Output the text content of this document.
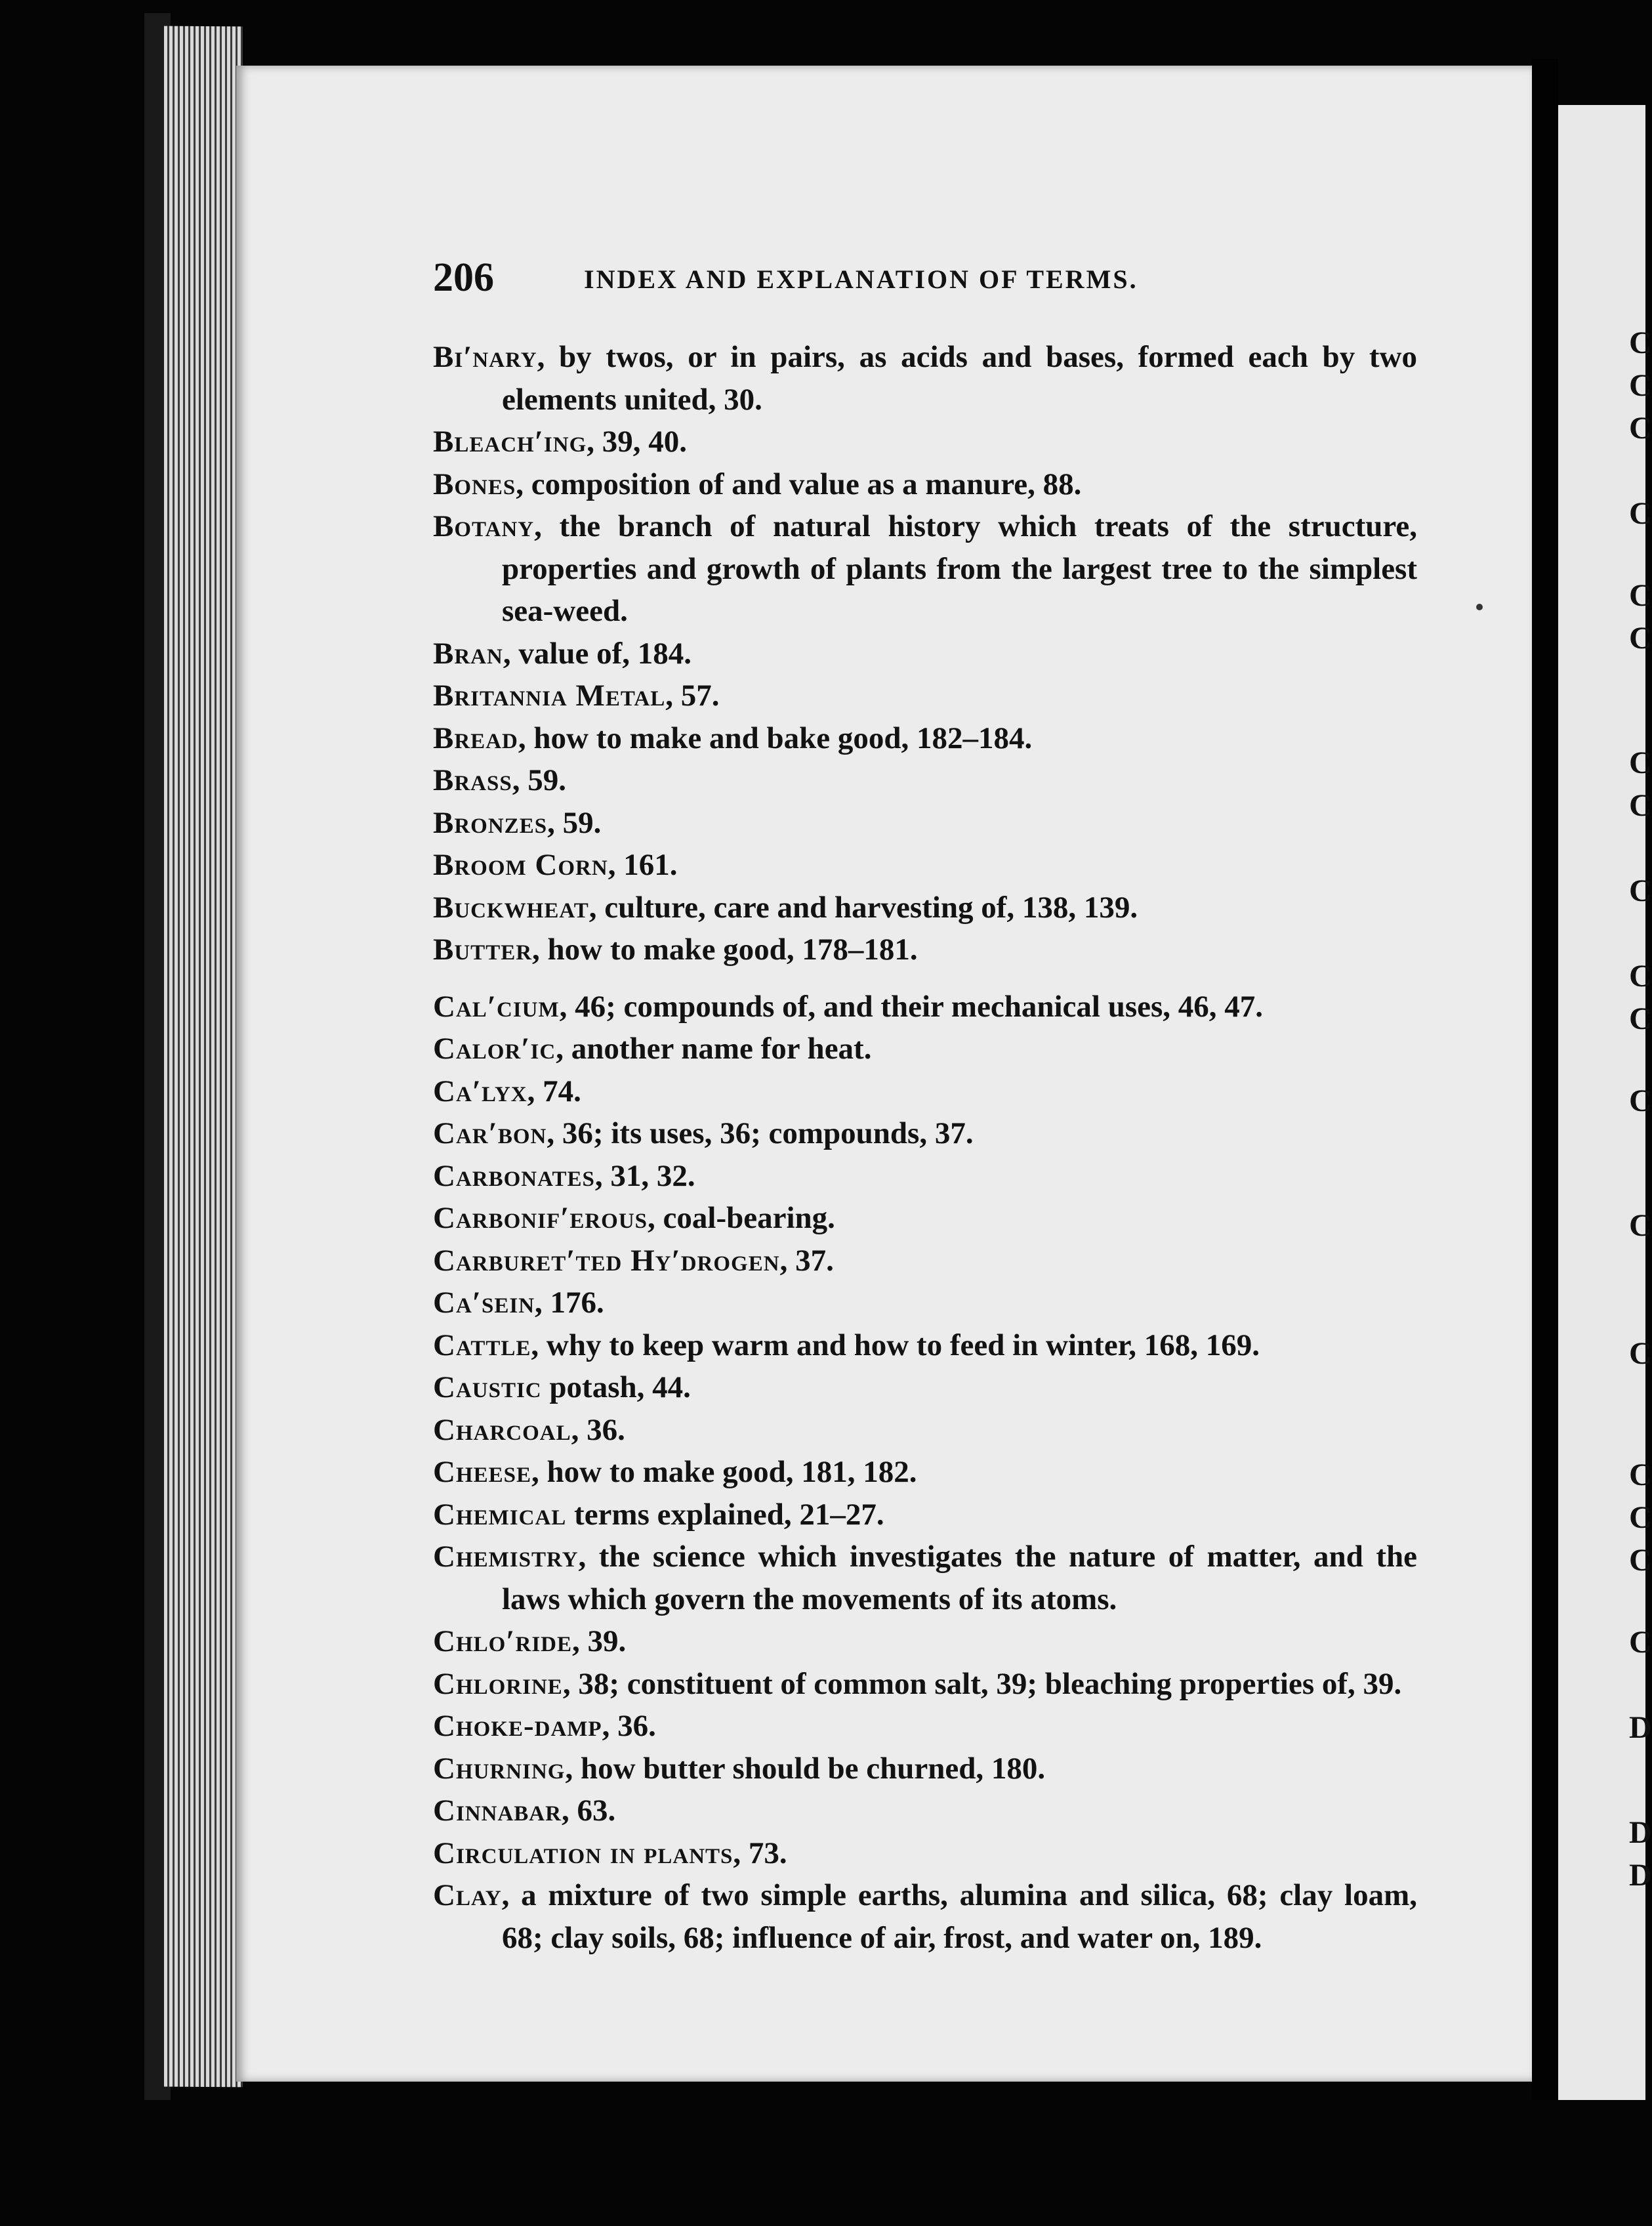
206	INDEX AND EXPLANATION OF TERMS.

Bi′nary, by twos, or in pairs, as acids and bases, formed each by two elements united, 30.

Bleach′ing, 39, 40.

Bones, composition of and value as a manure, 88.

Botany, the branch of natural history which treats of the structure, properties and growth of plants from the largest tree to the simplest sea-weed.

Bran, value of, 184.

Britannia Metal, 57.

Bread, how to make and bake good, 182–184.

Brass, 59.

Bronzes, 59.

Broom Corn, 161.

Buckwheat, culture, care and harvesting of, 138, 139.

Butter, how to make good, 178–181.

Cal′cium, 46; compounds of, and their mechanical uses, 46, 47.

Calor′ic, another name for heat.

Ca′lyx, 74.

Car′bon, 36; its uses, 36; compounds, 37.

Carbonates, 31, 32.

Carbonif′erous, coal-bearing.

Carburet′ted Hy′drogen, 37.

Ca′sein, 176.

Cattle, why to keep warm and how to feed in winter, 168, 169.

Caustic potash, 44.

Charcoal, 36.

Cheese, how to make good, 181, 182.

Chemical terms explained, 21–27.

Chemistry, the science which investigates the nature of matter, and the laws which govern the movements of its atoms.

Chlo′ride, 39.

Chlorine, 38; constituent of common salt, 39; bleaching properties of, 39.

Choke-damp, 36.

Churning, how butter should be churned, 180.

Cinnabar, 63.

Circulation in plants, 73.

Clay, a mixture of two simple earths, alumina and silica, 68; clay loam, 68; clay soils, 68; influence of air, frost, and water on, 189.

C
C
C
C
C
C
C
C
C
C
C
C
C
C
C
C
C
C
D
D
D
